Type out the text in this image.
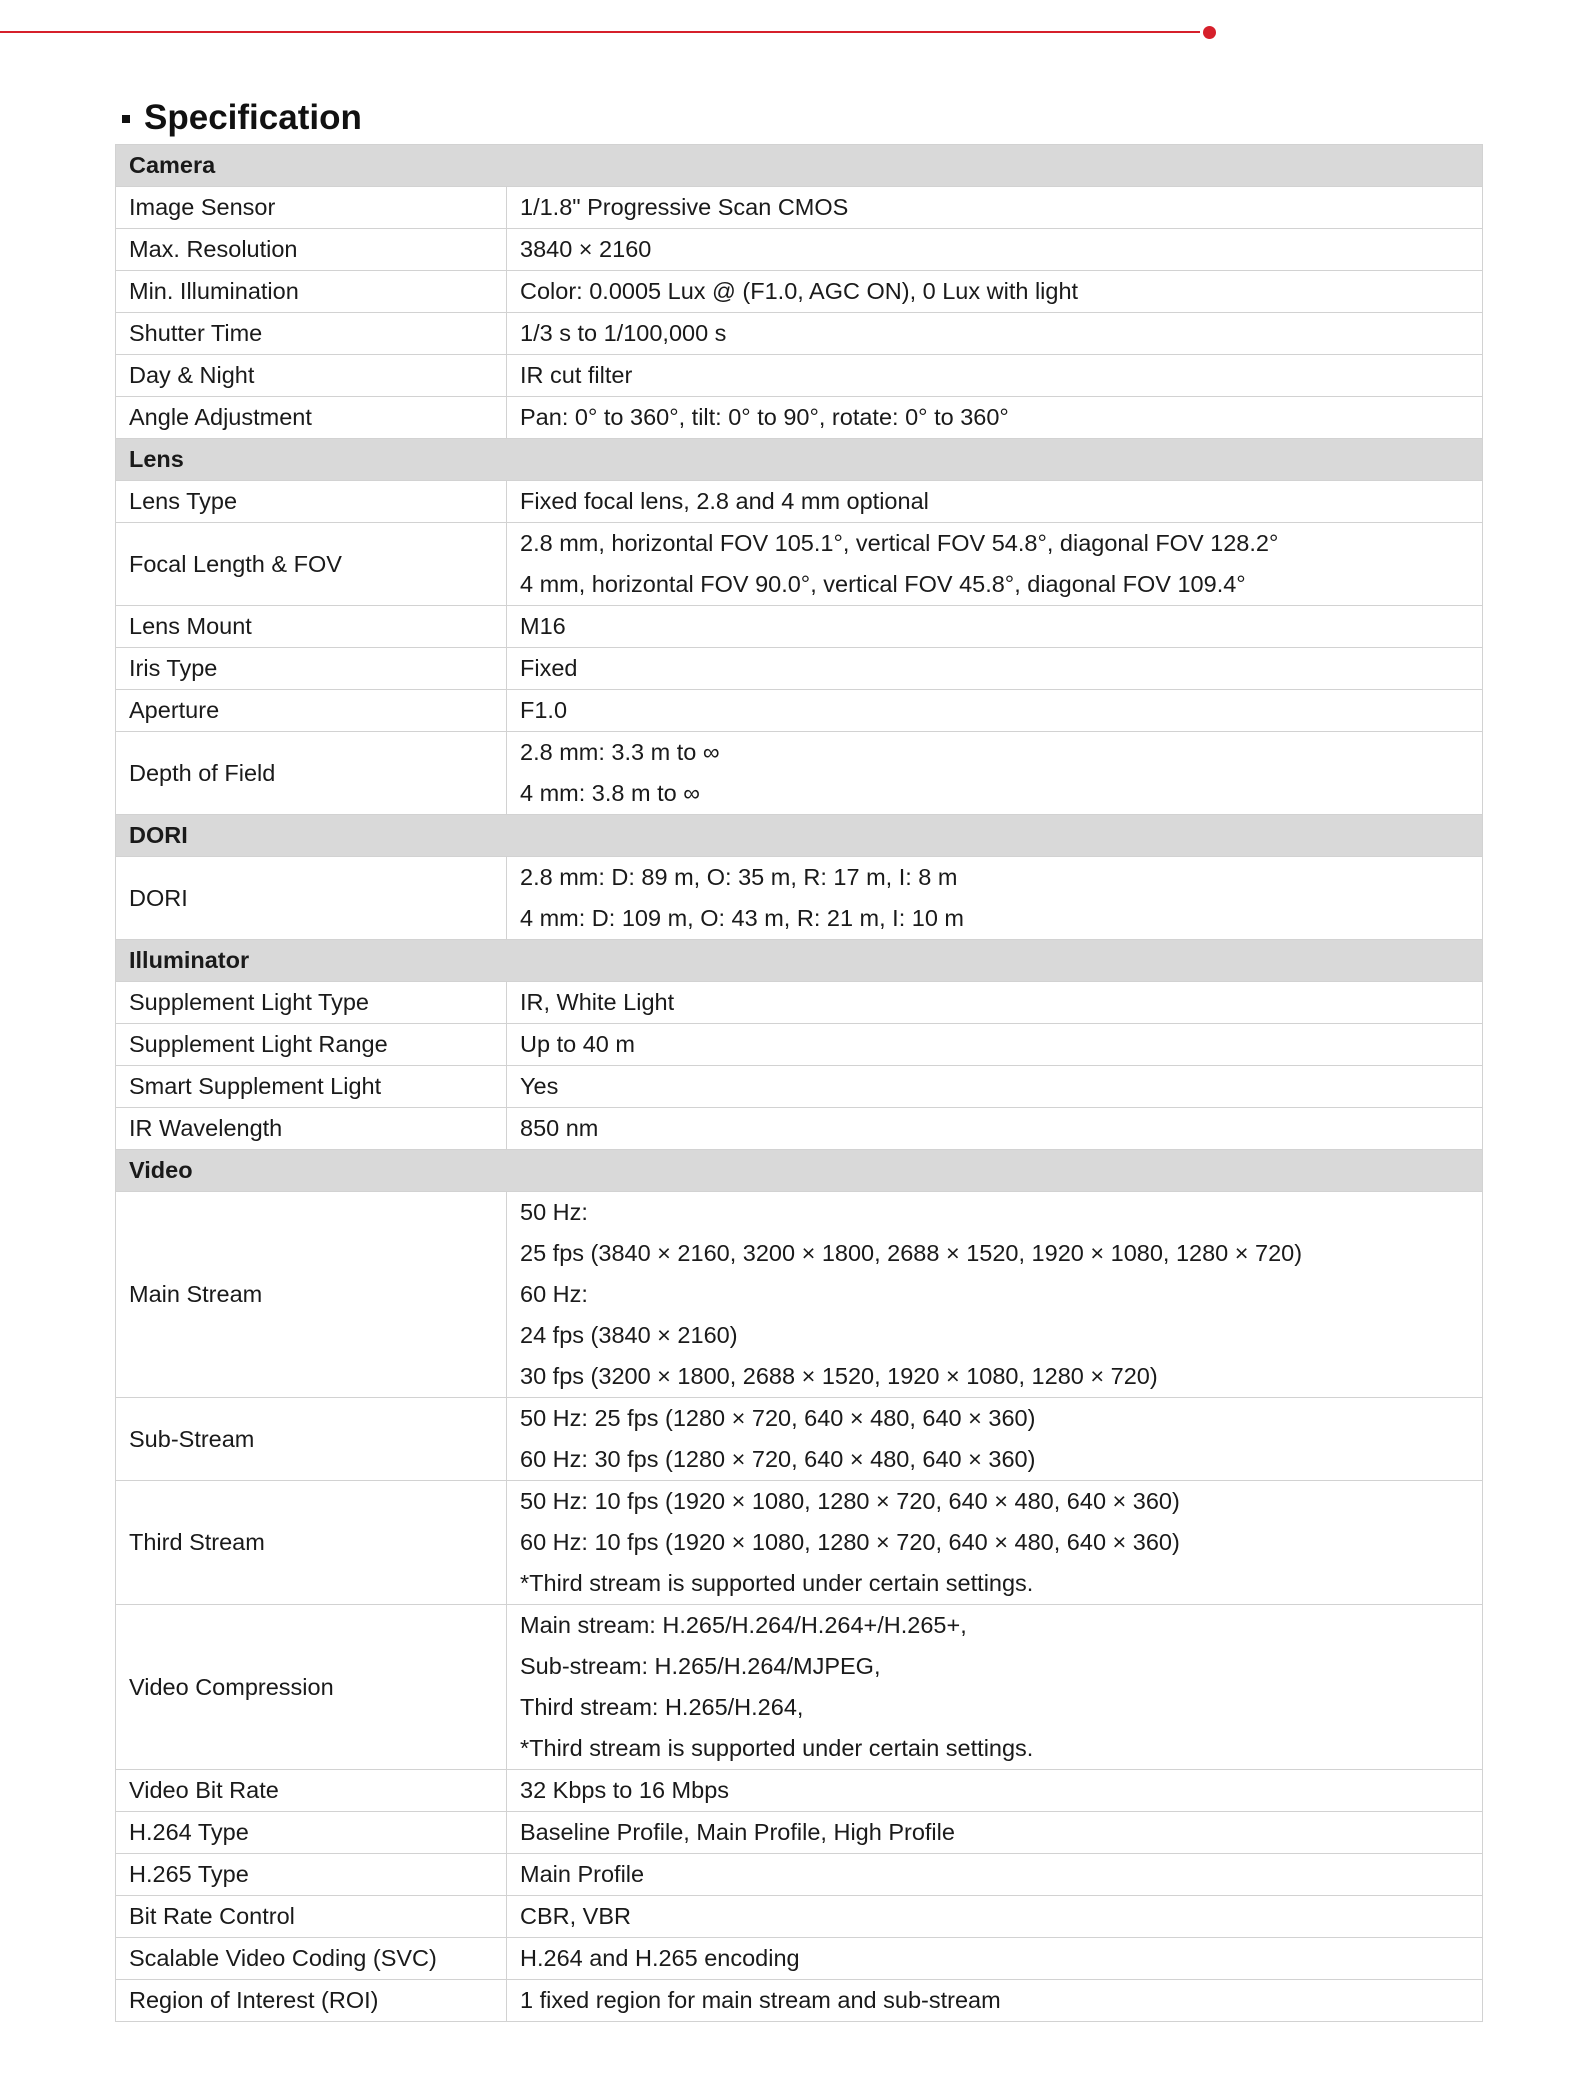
Specification
Camera	
Image Sensor	1/1.8" Progressive Scan CMOS

Max. Resolution	3840 × 2160

Min. Illumination	Color: 0.0005 Lux @ (F1.0, AGC ON), 0 Lux with light

Shutter Time	1/3 s to 1/100,000 s

Day & Night	IR cut filter

Angle Adjustment	Pan: 0° to 360°, tilt: 0° to 90°, rotate: 0° to 360°

Lens	
Lens Type	Fixed focal lens, 2.8 and 4 mm optional

Focal Length & FOV	2.8 mm, horizontal FOV 105.1°, vertical FOV 54.8°, diagonal FOV 128.2°
4 mm, horizontal FOV 90.0°, vertical FOV 45.8°, diagonal FOV 109.4°

Lens Mount	M16

Iris Type	Fixed

Aperture	F1.0

Depth of Field	2.8 mm: 3.3 m to ∞
4 mm: 3.8 m to ∞

DORI	
DORI	2.8 mm: D: 89 m, O: 35 m, R: 17 m, I: 8 m
4 mm: D: 109 m, O: 43 m, R: 21 m, I: 10 m

Illuminator	
Supplement Light Type	IR, White Light

Supplement Light Range	Up to 40 m

Smart Supplement Light	Yes

IR Wavelength	850 nm

Video	
Main Stream	50 Hz:
25 fps (3840 × 2160, 3200 × 1800, 2688 × 1520, 1920 × 1080, 1280 × 720)
60 Hz:
24 fps (3840 × 2160)
30 fps (3200 × 1800, 2688 × 1520, 1920 × 1080, 1280 × 720)

Sub-Stream	50 Hz: 25 fps (1280 × 720, 640 × 480, 640 × 360)
60 Hz: 30 fps (1280 × 720, 640 × 480, 640 × 360)

Third Stream	50 Hz: 10 fps (1920 × 1080, 1280 × 720, 640 × 480, 640 × 360)
60 Hz: 10 fps (1920 × 1080, 1280 × 720, 640 × 480, 640 × 360)
*Third stream is supported under certain settings.

Video Compression	Main stream: H.265/H.264/H.264+/H.265+,
Sub-stream: H.265/H.264/MJPEG,
Third stream: H.265/H.264,
*Third stream is supported under certain settings.

Video Bit Rate	32 Kbps to 16 Mbps

H.264 Type	Baseline Profile, Main Profile, High Profile

H.265 Type	Main Profile

Bit Rate Control	CBR, VBR

Scalable Video Coding (SVC)	H.264 and H.265 encoding

Region of Interest (ROI)	1 fixed region for main stream and sub-stream
